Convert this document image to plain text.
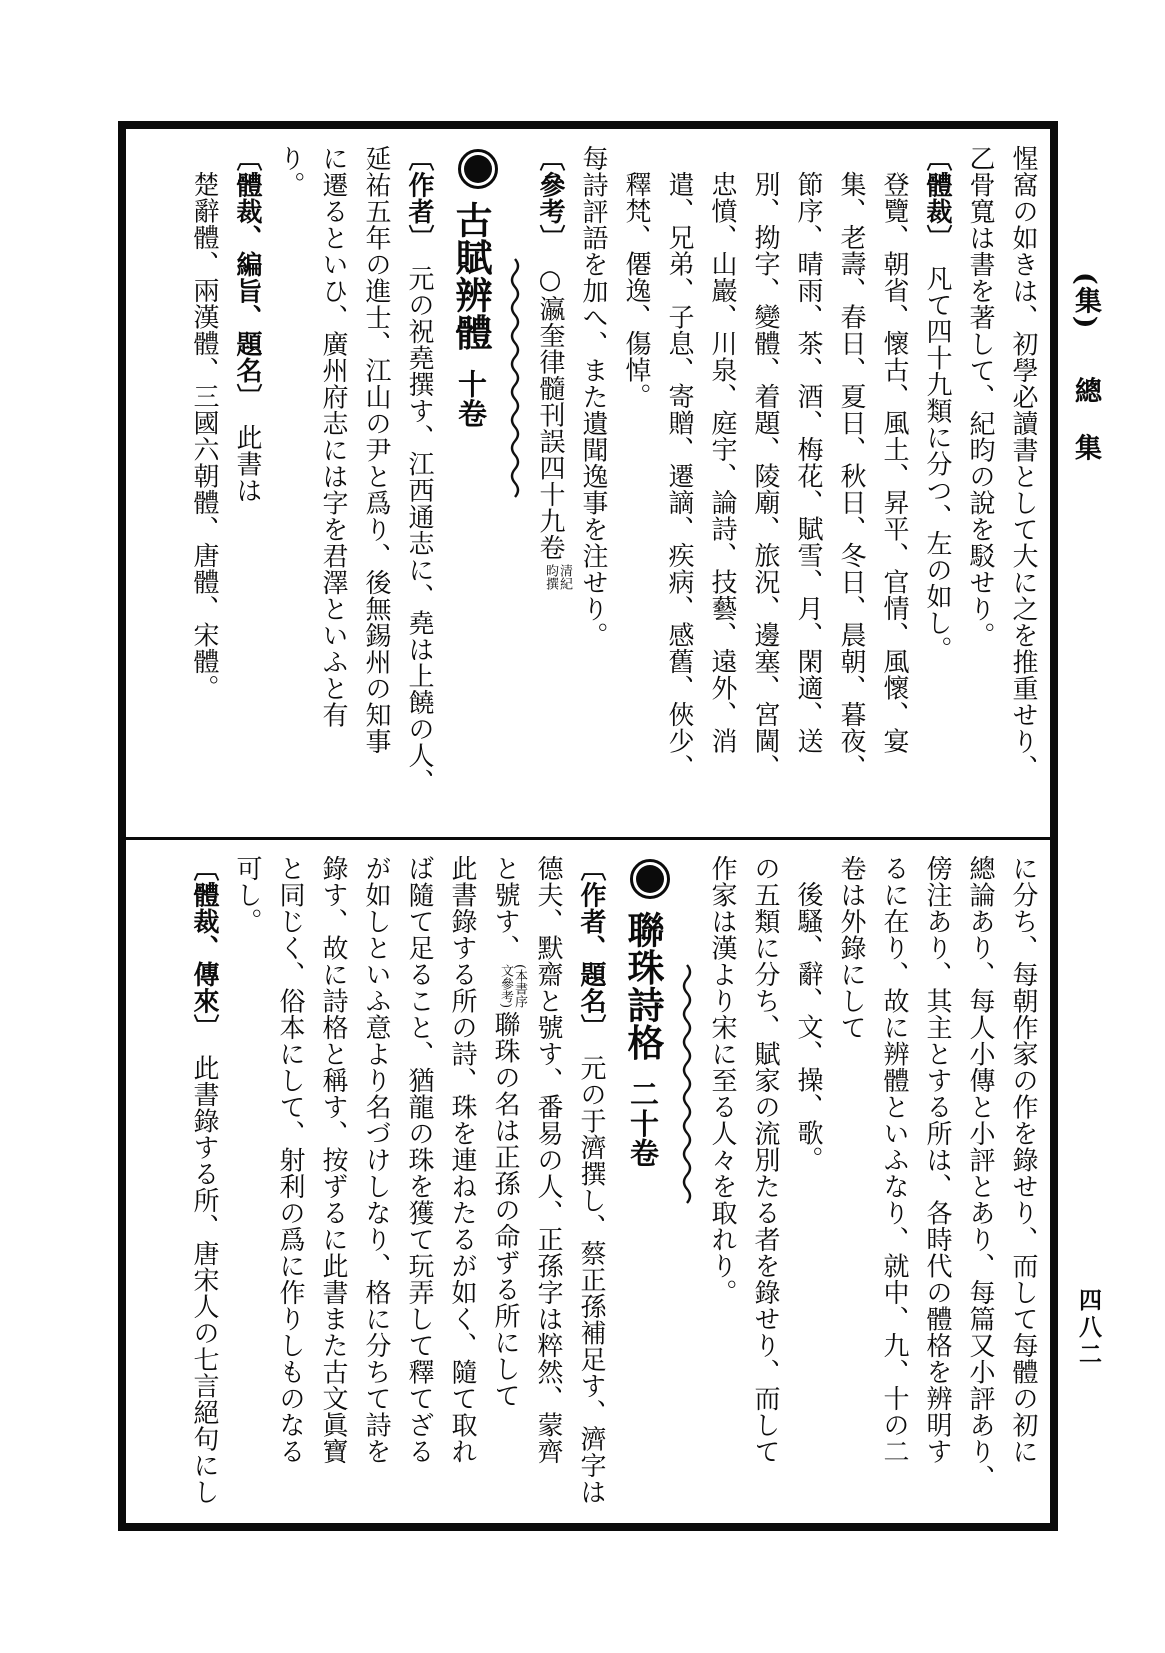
(集)總集
四八二
惺窩の如きは、初學必讀書として大に之を推重せり、
乙骨寬は書を著して、紀昀の說を駁せり。
〔體裁〕凡て四十九類に分つ、左の如し。
登覽、朝省、懷古、風土、昇平、官情、風懷、宴
集、老壽、春日、夏日、秋日、冬日、晨朝、暮夜、
節序、晴雨、茶、酒、梅花、賦雪、月、閑適、送
別、拗字、變體、着題、陵廟、旅況、邊塞、宮閫、
忠憤、山巖、川泉、庭宇、論詩、技藝、遠外、消
遣、兄弟、子息、寄贈、遷謫、疾病、感舊、俠少、
釋梵、僊逸、傷悼。
每詩評語を加へ、また遺聞逸事を注せり。
〔參考〕○瀛奎律髓刊誤四十九卷
清紀
昀撰
古賦辨體十卷
〔作者〕元の祝堯撰す、江西通志に、堯は上饒の人、
延祐五年の進士、江山の尹と爲り、後無錫州の知事
に遷るといひ、廣州府志には字を君澤といふと有
り。
〔體裁、編旨、題名〕此書は
楚辭體、兩漢體、三國六朝體、唐體、宋體。
に分ち、每朝作家の作を錄せり、而して每體の初に
總論あり、每人小傳と小評とあり、每篇又小評あり、
傍注あり、其主とする所は、各時代の體格を辨明す
るに在り、故に辨體といふなり、就中、九、十の二
卷は外錄にして
後騷、辭、文、操、歌。
の五類に分ち、賦家の流別たる者を錄せり、而して
作家は漢より宋に至る人々を取れり。
聯珠詩格二十卷
〔作者、題名〕元の于濟撰し、蔡正孫補足す、濟字は
德夫、默齋と號す、番易の人、正孫字は粹然、蒙齊
と號す、
(本書序
文參考)
聯珠の名は正孫の命ずる所にして
此書錄する所の詩、珠を連ねたるが如く、隨て取れ
ば隨て足ること、猶龍の珠を獲て玩弄して釋てざる
が如しといふ意より名づけしなり、格に分ちて詩を
錄す、故に詩格と稱す、按ずるに此書また古文眞寶
と同じく、俗本にして、射利の爲に作りしものなる
可し。
〔體裁、傳來〕此書錄する所、唐宋人の七言絕句にし
